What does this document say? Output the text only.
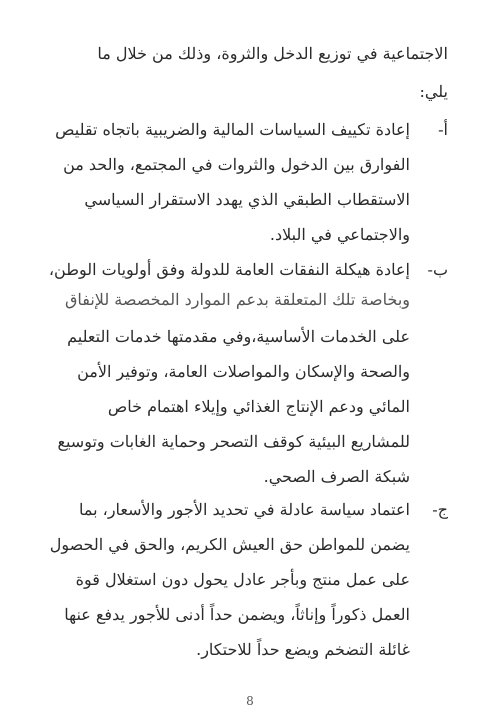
الاجتماعية في توزيع الدخل والثروة، وذلك من خلال ما
يلي:
أ-
إعادة تكييف السياسات المالية والضريبية باتجاه تقليص
الفوارق بين الدخول والثروات في المجتمع، والحد من
الاستقطاب الطبقي الذي يهدد الاستقرار السياسي
والاجتماعي في البلاد.
ب-
إعادة هيكلة النفقات العامة للدولة وفق أولويات الوطن،
وبخاصة تلك المتعلقة بدعم الموارد المخصصة للإنفاق
على الخدمات الأساسية،وفي مقدمتها خدمات التعليم
والصحة والإسكان والمواصلات العامة، وتوفير الأمن
المائي ودعم الإنتاج الغذائي وإيلاء اهتمام خاص
للمشاريع البيئية كوقف التصحر وحماية الغابات وتوسيع
شبكة الصرف الصحي.
ج-
اعتماد سياسة عادلة في تحديد الأجور والأسعار، بما
يضمن للمواطن حق العيش الكريم، والحق في الحصول
على عمل منتج وبأجر عادل يحول دون استغلال قوة
العمل ذكوراً وإناثاً، ويضمن حداً أدنى للأجور يدفع عنها
غائلة التضخم ويضع حداً للاحتكار.
8
